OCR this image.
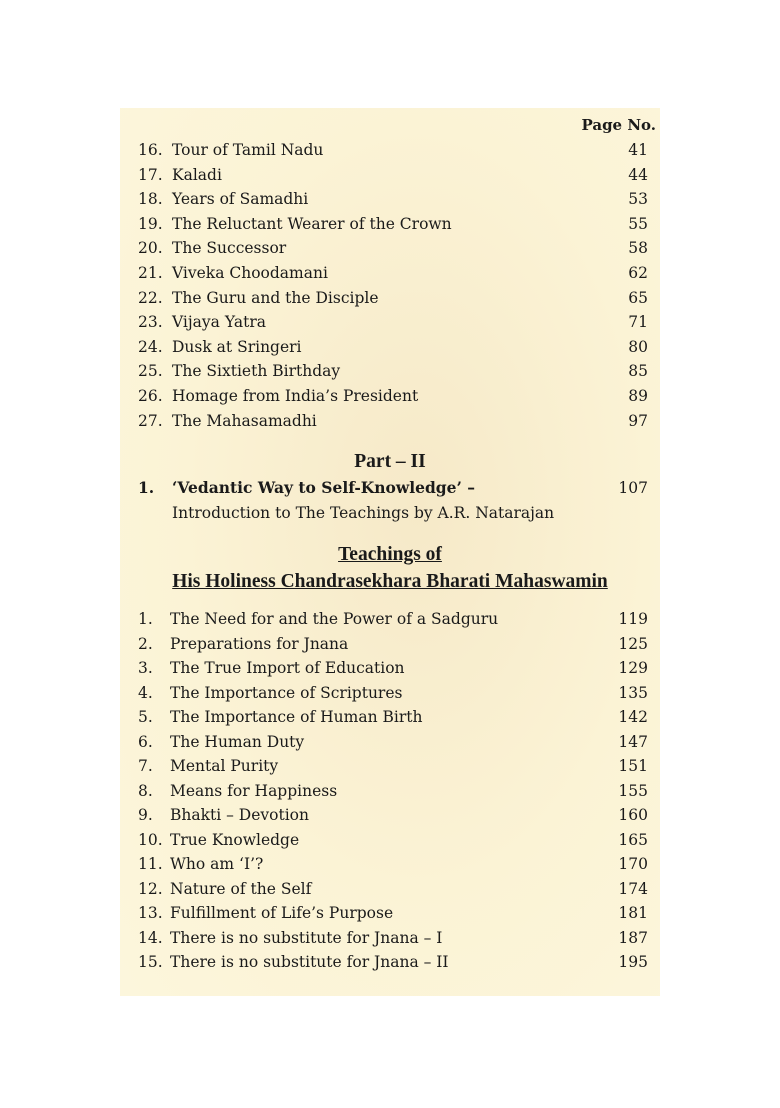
Page No.
16. Tour of Tamil Nadu	41
17. Kaladi	44
18. Years of Samadhi	53
19. The Reluctant Wearer of the Crown	55
20. The Successor	58
21. Viveka Choodamani	62
22. The Guru and the Disciple	65
23. Vijaya Yatra	71
24. Dusk at Sringeri	80
25. The Sixtieth Birthday	85
26. Homage from India’s President	89
27. The Mahasamadhi	97
Part – II
1. ‘Vedantic Way to Self-Knowledge’ –	107
Introduction to The Teachings by A.R. Natarajan
Teachings of
His Holiness Chandrasekhara Bharati Mahaswamin
1. The Need for and the Power of a Sadguru	119
2. Preparations for Jnana	125
3. The True Import of Education	129
4. The Importance of Scriptures	135
5. The Importance of Human Birth	142
6. The Human Duty	147
7. Mental Purity	151
8. Means for Happiness	155
9. Bhakti – Devotion	160
10. True Knowledge	165
11. Who am ‘I’?	170
12. Nature of the Self	174
13. Fulfillment of Life’s Purpose	181
14. There is no substitute for Jnana – I	187
15. There is no substitute for Jnana – II	195
